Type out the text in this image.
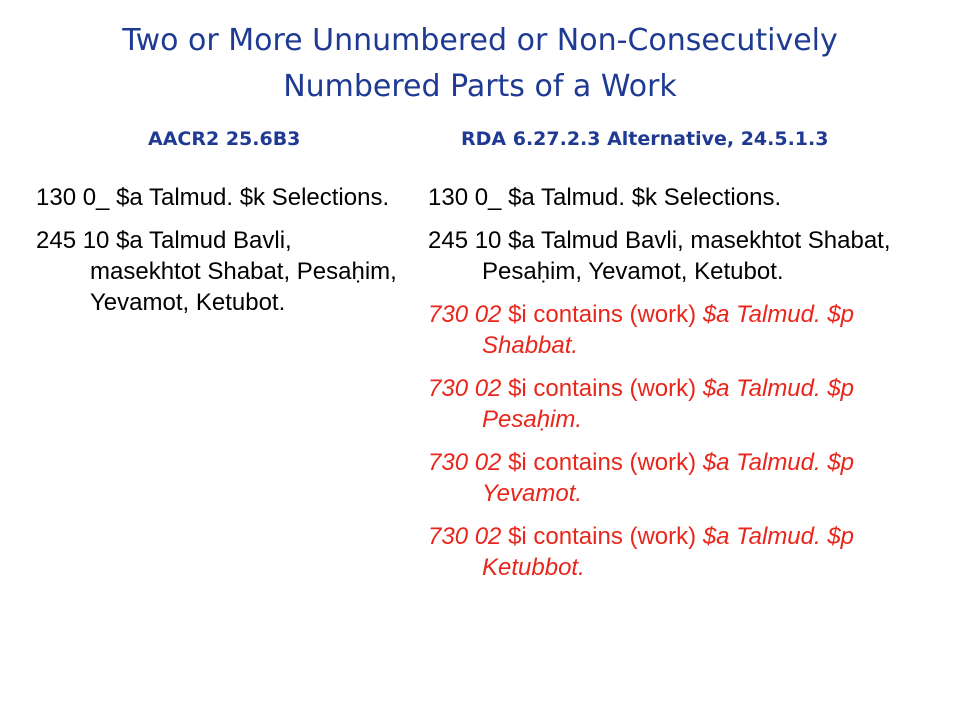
Two or More Unnumbered or Non-Consecutively Numbered Parts of a Work
AACR2 25.6B3	RDA 6.27.2.3 Alternative, 24.5.1.3

130 0_ $a Talmud. $k Selections.

245 10 $a Talmud Bavli, masekhtot Shabat, Pesaḥim, Yevamot, Ketubot.

130 0_ $a Talmud. $k Selections.

245 10 $a Talmud Bavli, masekhtot Shabat, Pesaḥim, Yevamot, Ketubot.

730 02 $i contains (work) $a Talmud. $p Shabbat.

730 02 $i contains (work) $a Talmud. $p Pesaḥim.

730 02 $i contains (work) $a Talmud. $p Yevamot.

730 02 $i contains (work) $a Talmud. $p Ketubbot.
